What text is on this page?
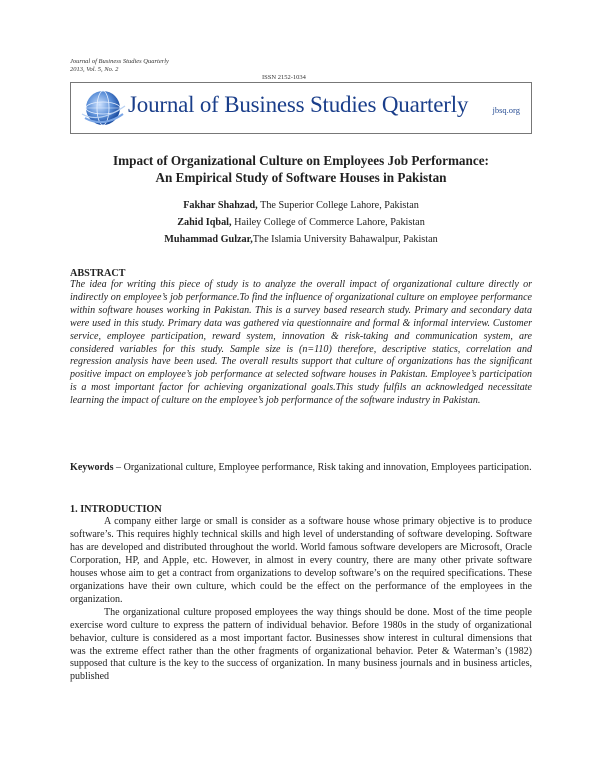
Journal of Business Studies Quarterly
2013, Vol. 5, No. 2
ISSN 2152-1034
Journal of Business Studies Quarterly	jbsq.org
Impact of Organizational Culture on Employees Job Performance:
An Empirical Study of Software Houses in Pakistan
Fakhar Shahzad, The Superior College Lahore, Pakistan
Zahid Iqbal, Hailey College of Commerce Lahore, Pakistan
Muhammad Gulzar,The Islamia University Bahawalpur, Pakistan
ABSTRACT
The idea for writing this piece of study is to analyze the overall impact of organizational culture directly or indirectly on employee’s job performance.To find the influence of organizational culture on employee performance within software houses working in Pakistan. This is a survey based research study. Primary and secondary data were used in this study. Primary data was gathered via questionnaire and formal & informal interview. Customer service, employee participation, reward system, innovation & risk-taking and communication system, are considered variables for this study. Sample size is (n=110) therefore, descriptive statics, correlation and regression analysis have been used. The overall results support that culture of organizations has the significant positive impact on employee’s job performance at selected software houses in Pakistan. Employee’s participation is a most important factor for achieving organizational goals.This study fulfils an acknowledged necessitate learning the impact of culture on the employee’s job performance of the software industry in Pakistan.
Keywords – Organizational culture, Employee performance, Risk taking and innovation, Employees participation.
1. INTRODUCTION

A company either large or small is consider as a software house whose primary objective is to produce software’s. This requires highly technical skills and high level of understanding of software developing. Software has are developed and distributed throughout the world. World famous software developers are Microsoft, Oracle Corporation, HP, and Apple, etc. However, in almost in every country, there are many other private software houses whose aim to get a contract from organizations to develop software’s on the required specifications. These organizations have their own culture, which could be the effect on the performance of the employees in the organization.

The organizational culture proposed employees the way things should be done. Most of the time people exercise word culture to express the pattern of individual behavior. Before 1980s in the study of organizational behavior, culture is considered as a most important factor. Businesses show interest in cultural dimensions that was the extreme effect rather than the other fragments of organizational behavior. Peter & Waterman’s (1982) supposed that culture is the key to the success of organization. In many business journals and in business articles, published
